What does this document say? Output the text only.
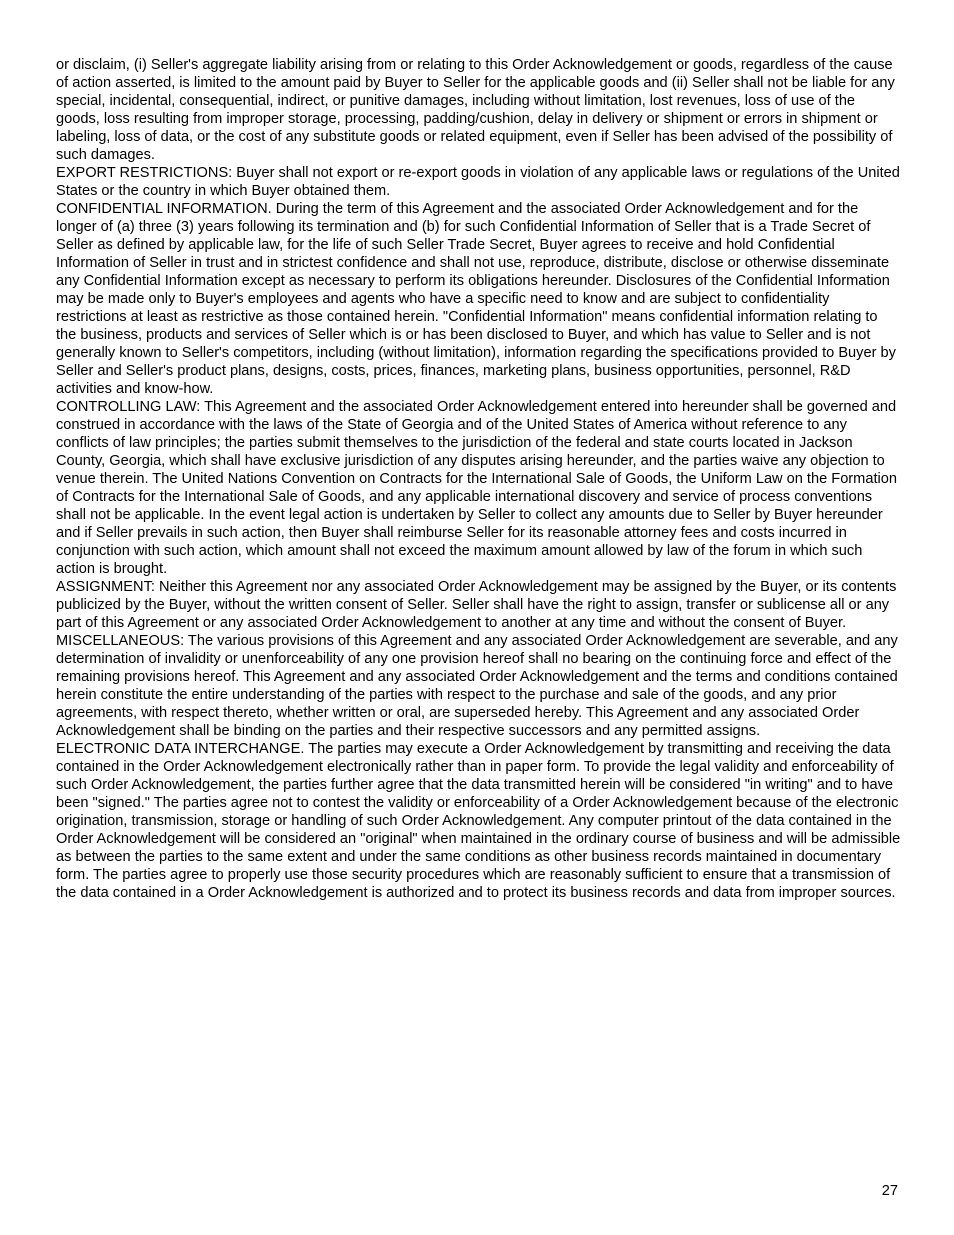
or disclaim, (i) Seller's aggregate liability arising from or relating to this Order Acknowledgement or goods, regardless of the cause of action asserted, is limited to the amount paid by Buyer to Seller for the applicable goods and (ii) Seller shall not be liable for any special, incidental, consequential, indirect, or punitive damages, including without limitation, lost revenues, loss of use of the goods, loss resulting from improper storage, processing, padding/cushion, delay in delivery or shipment or errors in shipment or labeling, loss of data, or the cost of any substitute goods or related equipment, even if Seller has been advised of the possibility of such damages.

EXPORT RESTRICTIONS: Buyer shall not export or re-export goods in violation of any applicable laws or regulations of the United States or the country in which Buyer obtained them.

CONFIDENTIAL INFORMATION. During the term of this Agreement and the associated Order Acknowledgement and for the longer of (a) three (3) years following its termination and (b) for such Confidential Information of Seller that is a Trade Secret of Seller as defined by applicable law, for the life of such Seller Trade Secret, Buyer agrees to receive and hold Confidential Information of Seller in trust and in strictest confidence and shall not use, reproduce, distribute, disclose or otherwise disseminate any Confidential Information except as necessary to perform its obligations hereunder. Disclosures of the Confidential Information may be made only to Buyer's employees and agents who have a specific need to know and are subject to confidentiality restrictions at least as restrictive as those contained herein. "Confidential Information" means confidential information relating to the business, products and services of Seller which is or has been disclosed to Buyer, and which has value to Seller and is not generally known to Seller's competitors, including (without limitation), information regarding the specifications provided to Buyer by Seller and Seller's product plans, designs, costs, prices, finances, marketing plans, business opportunities, personnel, R&D activities and know-how.

CONTROLLING LAW: This Agreement and the associated Order Acknowledgement entered into hereunder shall be governed and construed in accordance with the laws of the State of Georgia and of the United States of America without reference to any conflicts of law principles; the parties submit themselves to the jurisdiction of the federal and state courts located in Jackson County, Georgia, which shall have exclusive jurisdiction of any disputes arising hereunder, and the parties waive any objection to venue therein. The United Nations Convention on Contracts for the International Sale of Goods, the Uniform Law on the Formation of Contracts for the International Sale of Goods, and any applicable international discovery and service of process conventions shall not be applicable. In the event legal action is undertaken by Seller to collect any amounts due to Seller by Buyer hereunder and if Seller prevails in such action, then Buyer shall reimburse Seller for its reasonable attorney fees and costs incurred in conjunction with such action, which amount shall not exceed the maximum amount allowed by law of the forum in which such action is brought.

ASSIGNMENT: Neither this Agreement nor any associated Order Acknowledgement may be assigned by the Buyer, or its contents publicized by the Buyer, without the written consent of Seller. Seller shall have the right to assign, transfer or sublicense all or any part of this Agreement or any associated Order Acknowledgement to another at any time and without the consent of Buyer.

MISCELLANEOUS: The various provisions of this Agreement and any associated Order Acknowledgement are severable, and any determination of invalidity or unenforceability of any one provision hereof shall no bearing on the continuing force and effect of the remaining provisions hereof. This Agreement and any associated Order Acknowledgement and the terms and conditions contained herein constitute the entire understanding of the parties with respect to the purchase and sale of the goods, and any prior agreements, with respect thereto, whether written or oral, are superseded hereby. This Agreement and any associated Order Acknowledgement shall be binding on the parties and their respective successors and any permitted assigns.

ELECTRONIC DATA INTERCHANGE. The parties may execute a Order Acknowledgement by transmitting and receiving the data contained in the Order Acknowledgement electronically rather than in paper form. To provide the legal validity and enforceability of such Order Acknowledgement, the parties further agree that the data transmitted herein will be considered "in writing" and to have been "signed." The parties agree not to contest the validity or enforceability of a Order Acknowledgement because of the electronic origination, transmission, storage or handling of such Order Acknowledgement. Any computer printout of the data contained in the Order Acknowledgement will be considered an "original" when maintained in the ordinary course of business and will be admissible as between the parties to the same extent and under the same conditions as other business records maintained in documentary form. The parties agree to properly use those security procedures which are reasonably sufficient to ensure that a transmission of the data contained in a Order Acknowledgement is authorized and to protect its business records and data from improper sources.

27
